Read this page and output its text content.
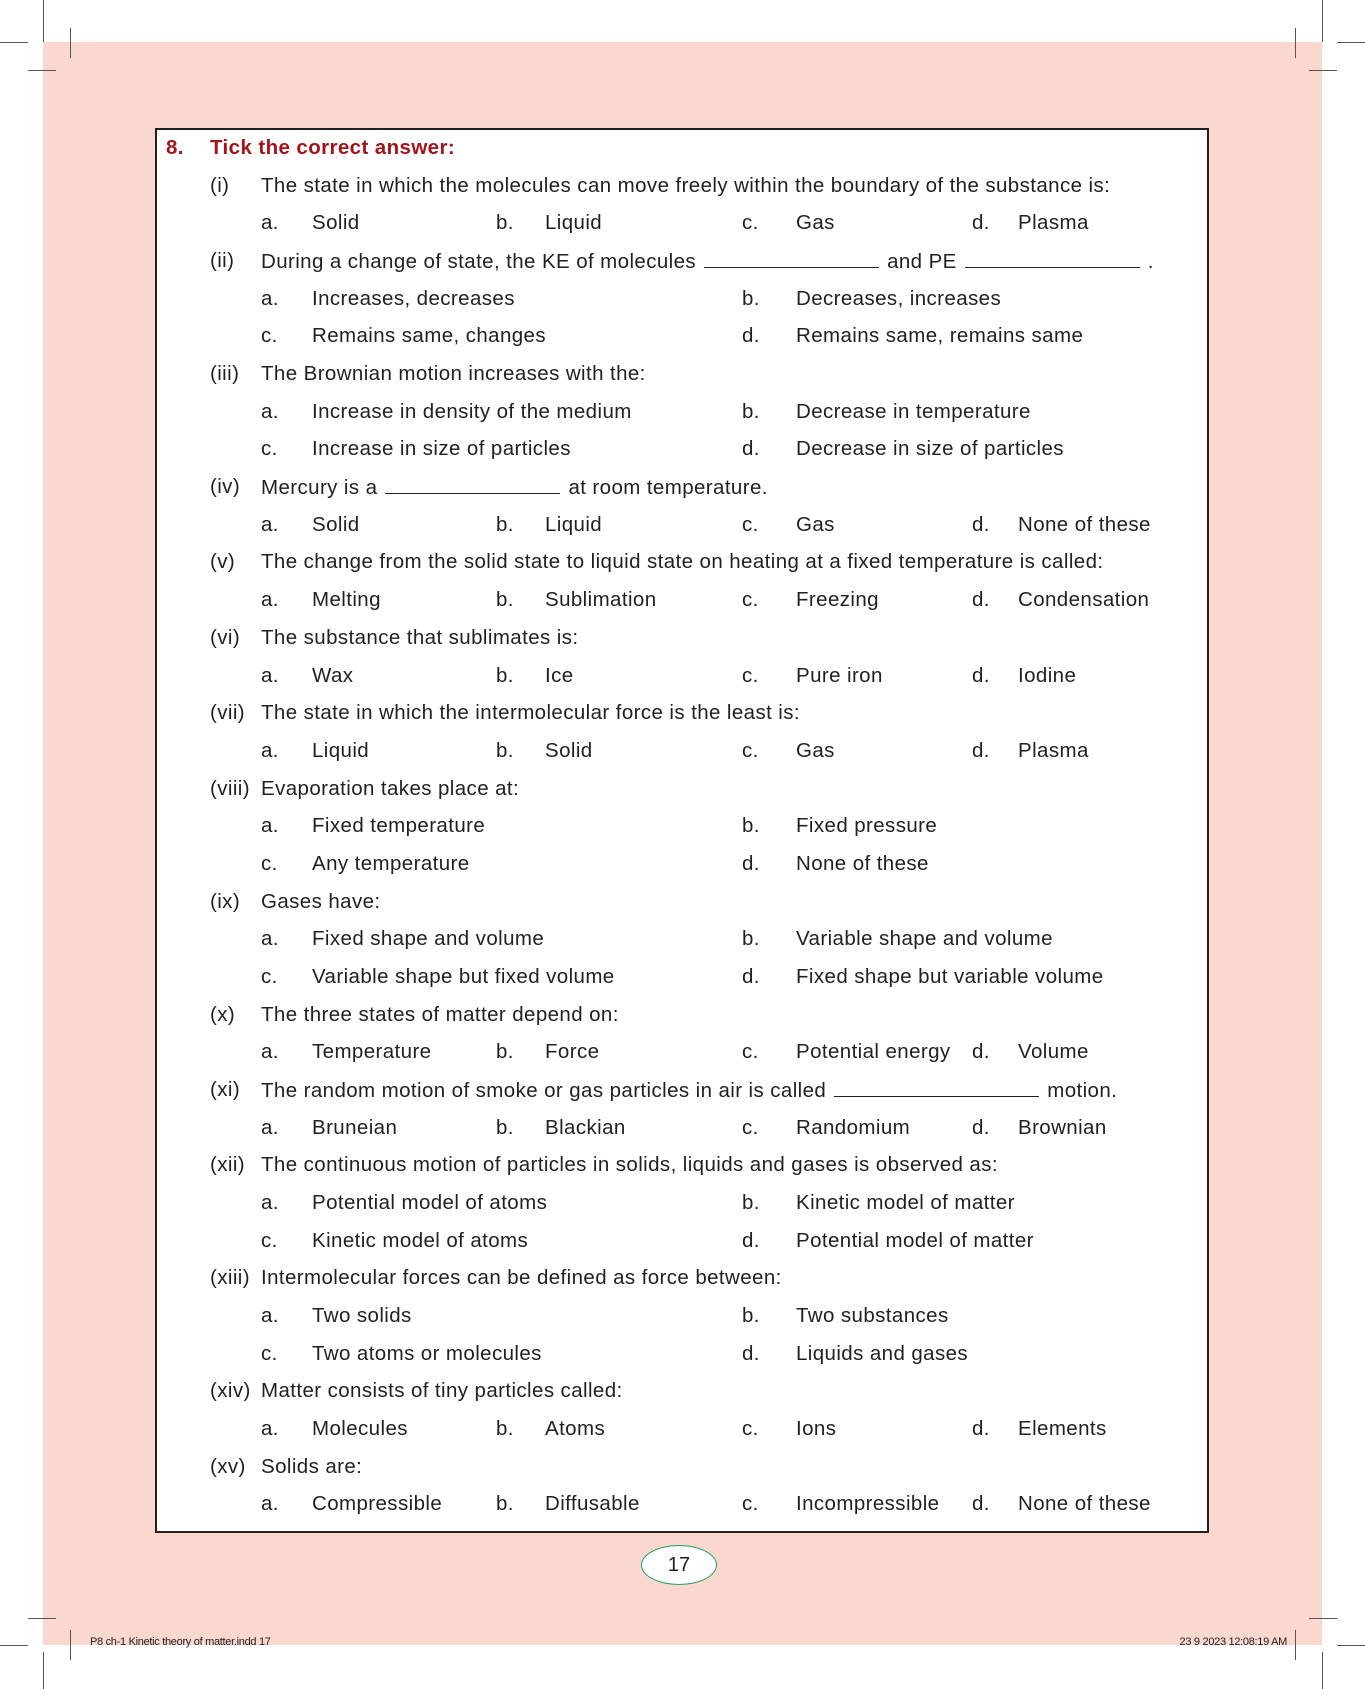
8. Tick the correct answer:
(i) The state in which the molecules can move freely within the boundary of the substance is:
a. Solid	b. Liquid	c. Gas	d. Plasma
(ii) During a change of state, the KE of molecules	and PE	.
a. Increases, decreases	b. Decreases, increases
c. Remains same, changes	d. Remains same, remains same
(iii) The Brownian motion increases with the:
a. Increase in density of the medium	b. Decrease in temperature
c. Increase in size of particles	d. Decrease in size of particles
(iv) Mercury is a	at room temperature.
a. Solid	b. Liquid	c. Gas	d. None of these
(v) The change from the solid state to liquid state on heating at a fixed temperature is called:
a. Melting	b. Sublimation	c. Freezing	d. Condensation
(vi) The substance that sublimates is:
a. Wax	b. Ice	c. Pure iron	d. Iodine
(vii) The state in which the intermolecular force is the least is:
a. Liquid	b. Solid	c. Gas	d. Plasma
(viii) Evaporation takes place at:
a. Fixed temperature	b. Fixed pressure
c. Any temperature	d. None of these
(ix) Gases have:
a. Fixed shape and volume	b. Variable shape and volume
c. Variable shape but fixed volume	d. Fixed shape but variable volume
(x) The three states of matter depend on:
a. Temperature	b. Force	c. Potential energy d. Volume
(xi) The random motion of smoke or gas particles in air is called	motion.
a. Bruneian	b. Blackian	c. Randomium	d. Brownian
(xii) The continuous motion of particles in solids, liquids and gases is observed as:
a. Potential model of atoms	b. Kinetic model of matter
c. Kinetic model of atoms	d. Potential model of matter
(xiii) Intermolecular forces can be defined as force between:
a. Two solids	b. Two substances
c. Two atoms or molecules	d. Liquids and gases
(xiv) Matter consists of tiny particles called:
a. Molecules	b. Atoms	c. Ions	d. Elements
(xv) Solids are:
a. Compressible	b. Diffusable	c. Incompressible d. None of these
17
P8 ch-1 Kinetic theory of matter.indd 17	23 9 2023 12:08:19 AM
